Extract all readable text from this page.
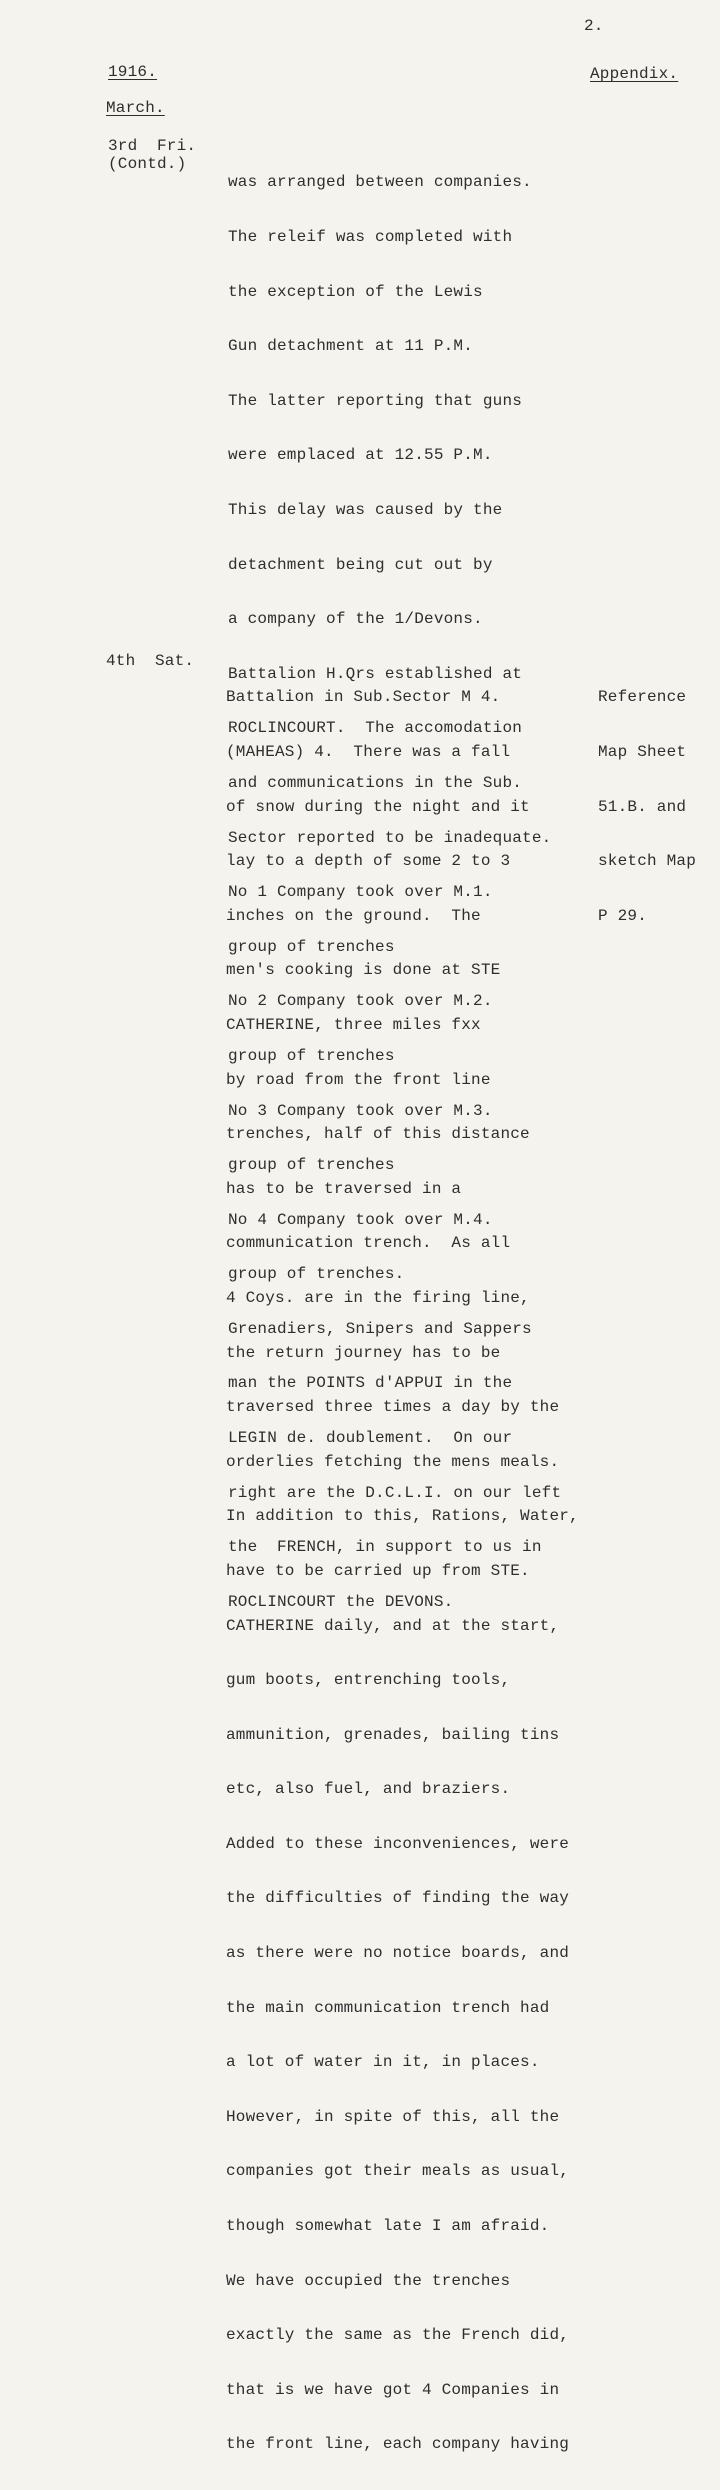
2.
1916.	Appendix.
March.
3rd  Fri.
(Contd.)

was arranged between companies.

The releif was completed with

the exception of the Lewis

Gun detachment at 11 P.M.

The latter reporting that guns

were emplaced at 12.55 P.M.

This delay was caused by the

detachment being cut out by

a company of the 1/Devons.

Battalion H.Qrs established at

ROCLINCOURT.  The accomodation

and communications in the Sub.

Sector reported to be inadequate.

No 1 Company took over M.1.

group of trenches

No 2 Company took over M.2.

group of trenches

No 3 Company took over M.3.

group of trenches

No 4 Company took over M.4.

group of trenches.

Grenadiers, Snipers and Sappers

man the POINTS d'APPUI in the

LEGIN de. doublement.  On our

right are the D.C.L.I. on our left

the  FRENCH, in support to us in

ROCLINCOURT the DEVONS.

4th  Sat.

Battalion in Sub.Sector M 4.

(MAHEAS) 4.  There was a fall

of snow during the night and it

lay to a depth of some 2 to 3

inches on the ground.  The

men's cooking is done at STE

CATHERINE, three miles fxx

by road from the front line

trenches, half of this distance

has to be traversed in a

communication trench.  As all

4 Coys. are in the firing line,

the return journey has to be

traversed three times a day by the

orderlies fetching the mens meals.

In addition to this, Rations, Water,

have to be carried up from STE.

CATHERINE daily, and at the start,

gum boots, entrenching tools,

ammunition, grenades, bailing tins

etc, also fuel, and braziers.

Added to these inconveniences, were

the difficulties of finding the way

as there were no notice boards, and

the main communication trench had

a lot of water in it, in places.

However, in spite of this, all the

companies got their meals as usual,

though somewhat late I am afraid.

We have occupied the trenches

exactly the same as the French did,

that is we have got 4 Companies in

the front line, each company having

Reference

Map Sheet

51.B. and

sketch Map

P 29.
